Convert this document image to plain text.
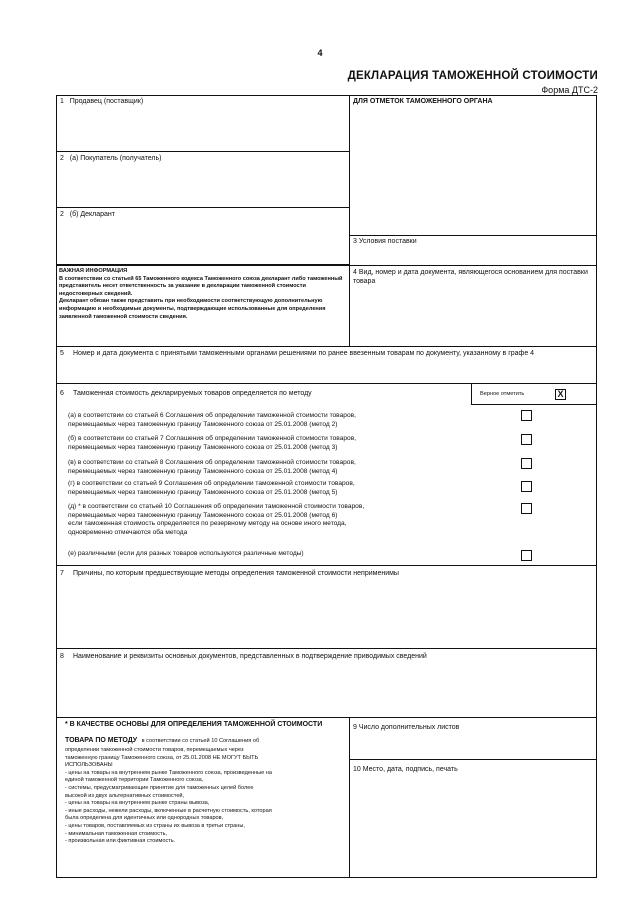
4
ДЕКЛАРАЦИЯ ТАМОЖЕННОЙ СТОИМОСТИ
Форма ДТС-2
1 Продавец (поставщик)
2 (а) Покупатель (получатель)
2 (б) Декларант
ДЛЯ ОТМЕТОК ТАМОЖЕННОГО ОРГАНА
3 Условия поставки
ВАЖНАЯ ИНФОРМАЦИЯ
В соответствии со статьей 65 Таможенного кодекса Таможенного союза декларант либо таможенный представитель несет ответственность за указание в декларации таможенной стоимости недостоверных сведений.
Декларант обязан также представить при необходимости соответствующую дополнительную информацию и необходимые документы, подтверждающие использованные для определения заявленной таможенной стоимости сведения.
4 Вид, номер и дата документа, являющегося основанием для поставки товара
5 Номер и дата документа с принятыми таможенными органами решениями по ранее ввезенным товарам по документу, указанному в графе 4
6 Таможенная стоимость декларируемых товаров определяется по методу	Верное отметить	X
(а) в соответствии со статьей 6 Соглашения об определении таможенной стоимости товаров,
перемещаемых через таможенную границу Таможенного союза от 25.01.2008 (метод 2)
(б) в соответствии со статьей 7 Соглашения об определении таможенной стоимости товаров,
перемещаемых через таможенную границу Таможенного союза от 25.01.2008 (метод 3)
(в) в соответствии со статьей 8 Соглашения об определении таможенной стоимости товаров,
перемещаемых через таможенную границу Таможенного союза от 25.01.2008 (метод 4)
(г) в соответствии со статьей 9 Соглашения об определении таможенной стоимости товаров,
перемещаемых через таможенную границу Таможенного союза от 25.01.2008 (метод 5)
(д) * в соответствии со статьей 10 Соглашения об определении таможенной стоимости товаров,
перемещаемых через таможенную границу Таможенного союза от 25.01.2008 (метод 6)
если таможенная стоимость определяется по резервному методу на основе иного метода,
одновременно отмечаются оба метода
(е) различными (если для разных товаров используются различные методы)
7 Причины, по которым предшествующие методы определения таможенной стоимости неприменимы
8 Наименование и реквизиты основных документов, представленных в подтверждение приводимых сведений
* В КАЧЕСТВЕ ОСНОВЫ ДЛЯ ОПРЕДЕЛЕНИЯ ТАМОЖЕННОЙ СТОИМОСТИ
ТОВАРА ПО МЕТОДУ в соответствии со статьей 10 Соглашения об
определении таможенной стоимости товаров, перемещаемых через
таможенную границу Таможенного союза, от 25.01.2008 НЕ МОГУТ БЫТЬ
ИСПОЛЬЗОВАНЫ
- цены на товары на внутреннем рынке Таможенного союза, произведенные на
единой таможенной территории Таможенного союза,
- системы, предусматривающие принятие для таможенных целей более
высокой из двух альтернативных стоимостей,
- цены на товары на внутреннем рынке страны вывоза,
- иные расходы, нежели расходы, включенные в расчетную стоимость, которая
была определена для идентичных или однородных товаров,
- цены товаров, поставляемых из страны их вывоза в третьи страны,
- минимальная таможенная стоимость,
- произвольная или фиктивная стоимость.
9 Число дополнительных листов
10 Место, дата, подпись, печать
